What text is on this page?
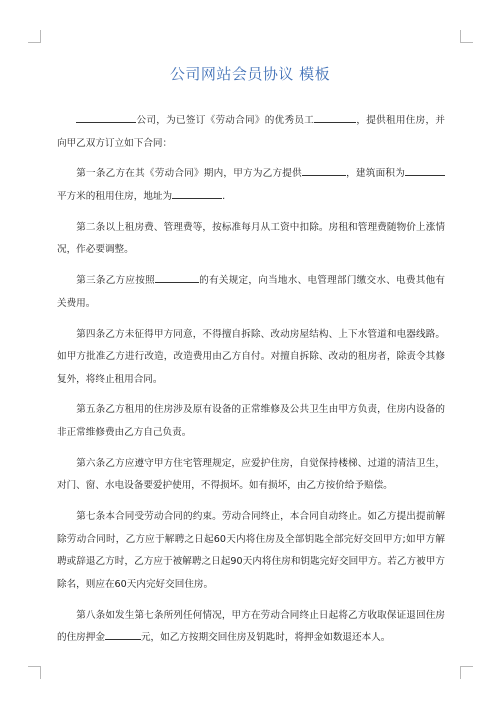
公司网站会员协议 模板

公司，为已签订《劳动合同》的优秀员工	，提供租用住房，并向甲乙双方订立如下合同：

第一条乙方在其《劳动合同》期内，甲方为乙方提供	，建筑面积为平方米的租用住房，地址为	.

第二条以上租房费、管理费等，按标准每月从工资中扣除。房租和管理费随物价上涨情况，作必要调整。

第三条乙方应按照	的有关规定，向当地水、电管理部门缴交水、电费其他有关费用。

第四条乙方未征得甲方同意，不得擅自拆除、改动房屋结构、上下水管道和电器线路。如甲方批准乙方进行改造，改造费用由乙方自付。对擅自拆除、改动的租房者，除责令其修复外，将终止租用合同。

第五条乙方租用的住房涉及原有设备的正常维修及公共卫生由甲方负责，住房内设备的非正常维修费由乙方自己负责。

第六条乙方应遵守甲方住宅管理规定，应爱护住房，自觉保持楼梯、过道的清洁卫生，对门、窗、水电设备要爱护使用，不得损坏。如有损坏，由乙方按价给予赔偿。

第七条本合同受劳动合同的约束。劳动合同终止，本合同自动终止。如乙方提出提前解除劳动合同时，乙方应于解聘之日起60天内将住房及全部钥匙全部完好交回甲方;如甲方解聘或辞退乙方时，乙方应于被解聘之日起90天内将住房和钥匙完好交回甲方。若乙方被甲方除名，则应在60天内完好交回住房。

第八条如发生第七条所列任何情况，甲方在劳动合同终止日起将乙方收取保证退回住房的住房押金	元，如乙方按期交回住房及钥匙时，将押金如数退还本人。
